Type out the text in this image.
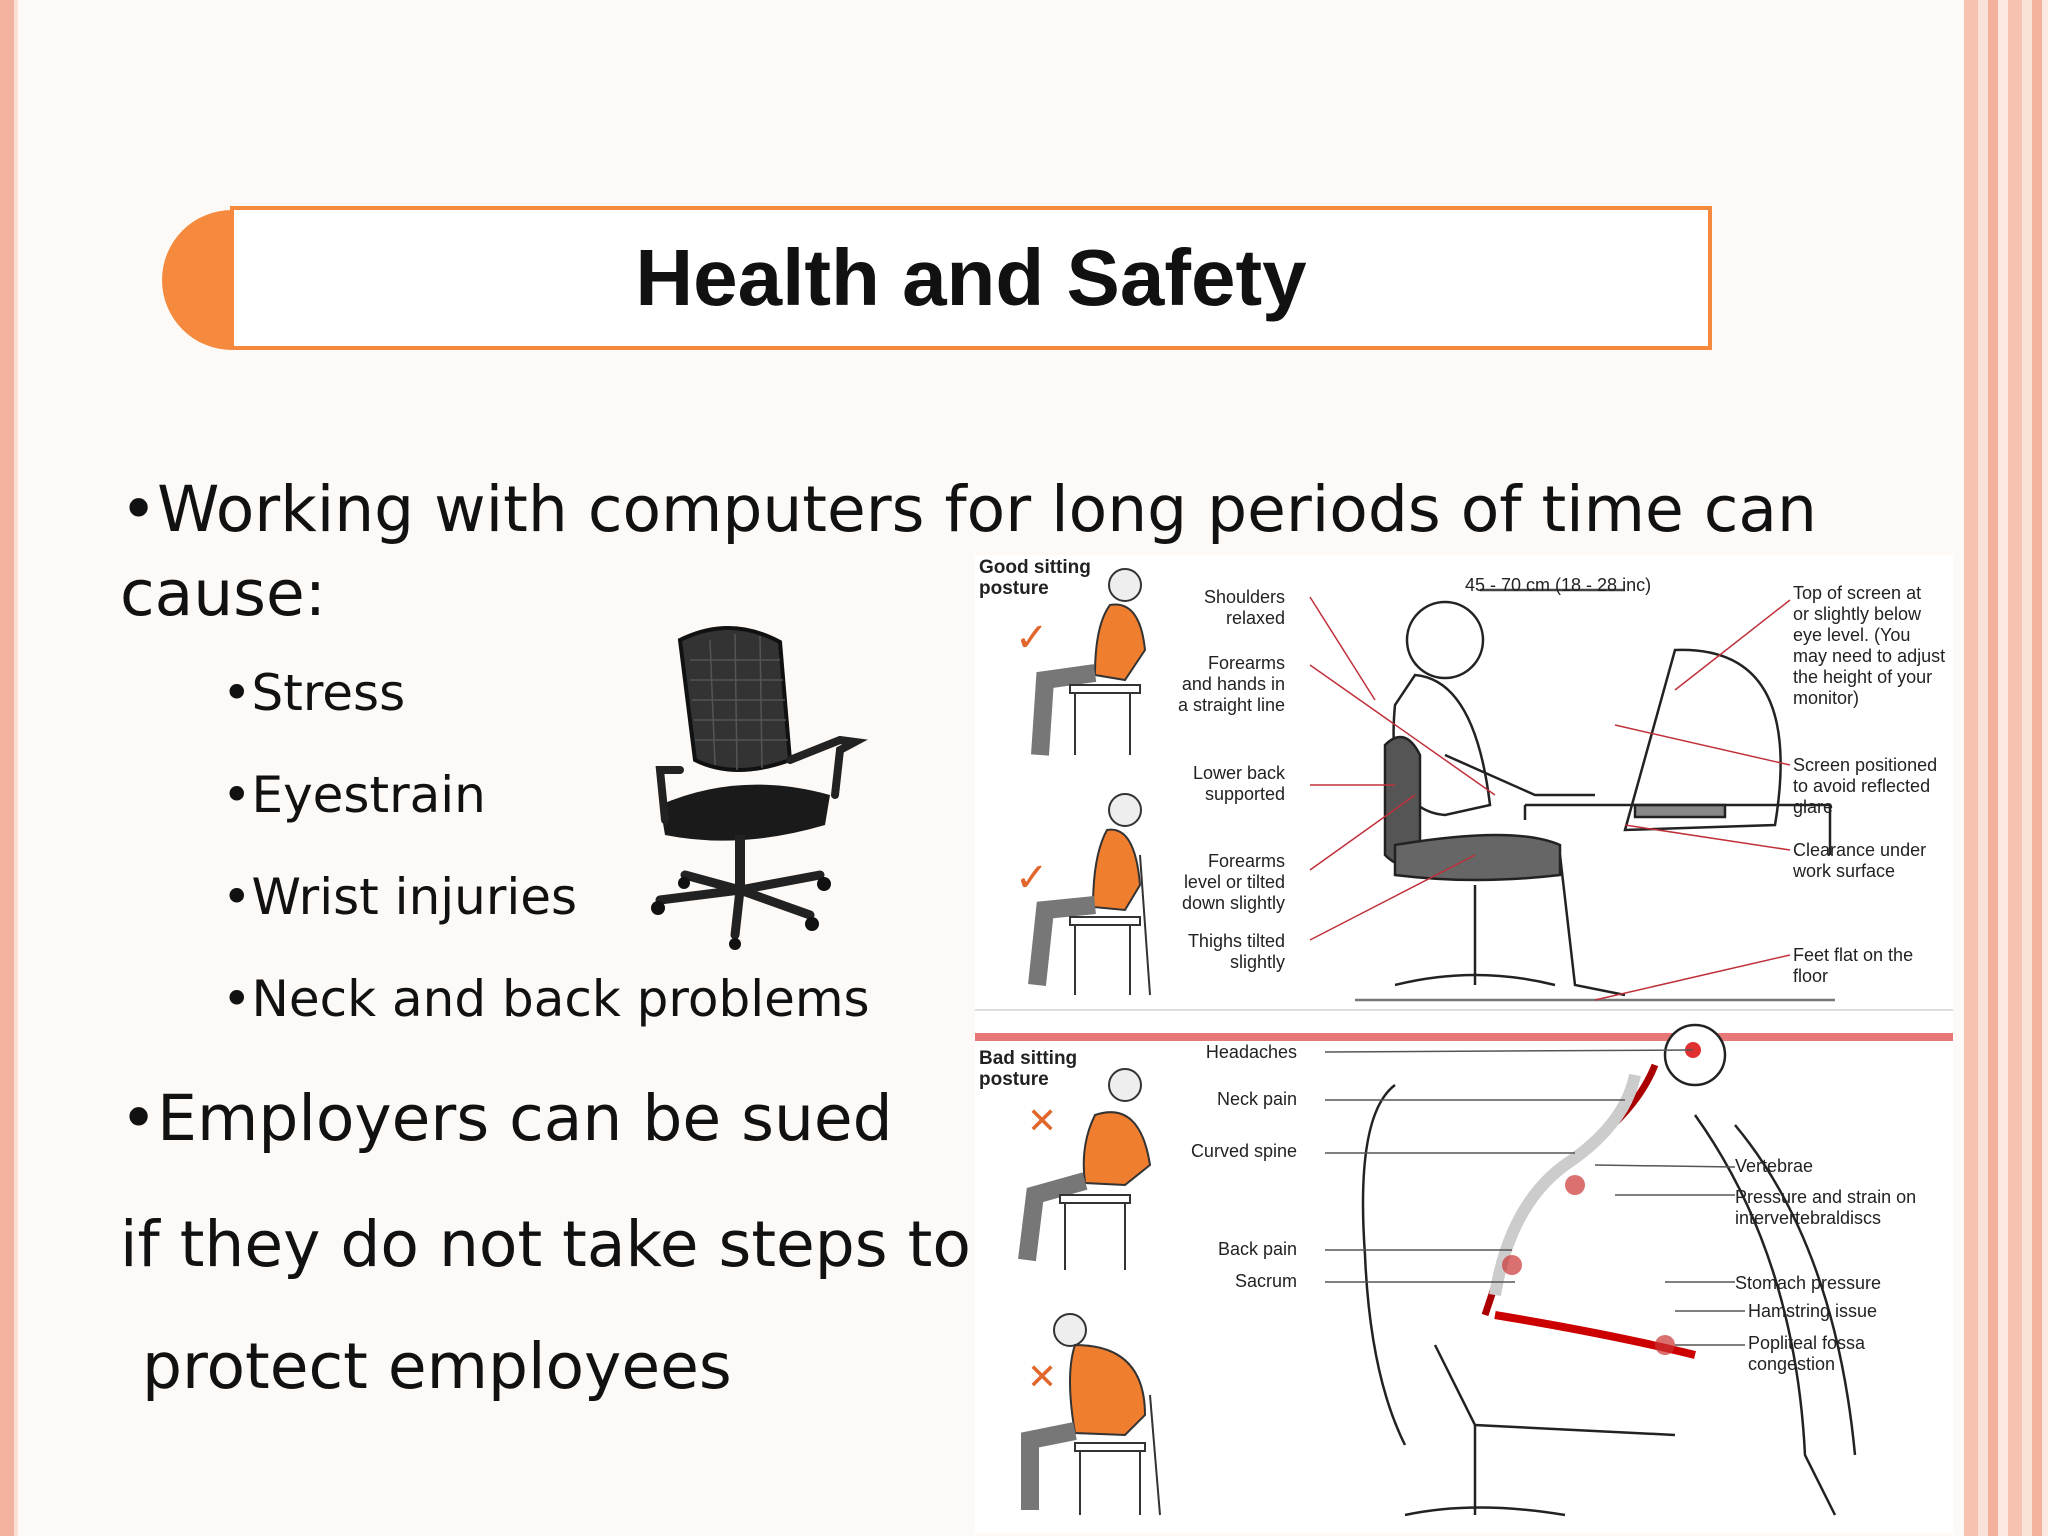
Health and Safety
•Working with computers for long periods of time can
cause:
•Stress
•Eyestrain
•Wrist injuries
•Neck and back problems
•Employers can be sued
if they do not take steps to
protect employees
Good sitting
posture
✓
✓
Bad sitting
posture
✕
✕
45 - 70 cm (18 - 28 inc)
Shoulders
relaxed
Forearms
and hands in
a straight line
Lower back
supported
Forearms
level or tilted
down slightly
Thighs tilted
slightly
Top of screen at
or slightly below
eye level. (You
may need to adjust
the height of your
monitor)
Screen positioned
to avoid reflected
glare
Clearance under
work surface
Feet flat on the
floor
Headaches
Neck pain
Curved spine
Back pain
Sacrum
Vertebrae
Pressure and strain on
intervertebraldiscs
Stomach pressure
Hamstring issue
Popliteal fossa
congestion
